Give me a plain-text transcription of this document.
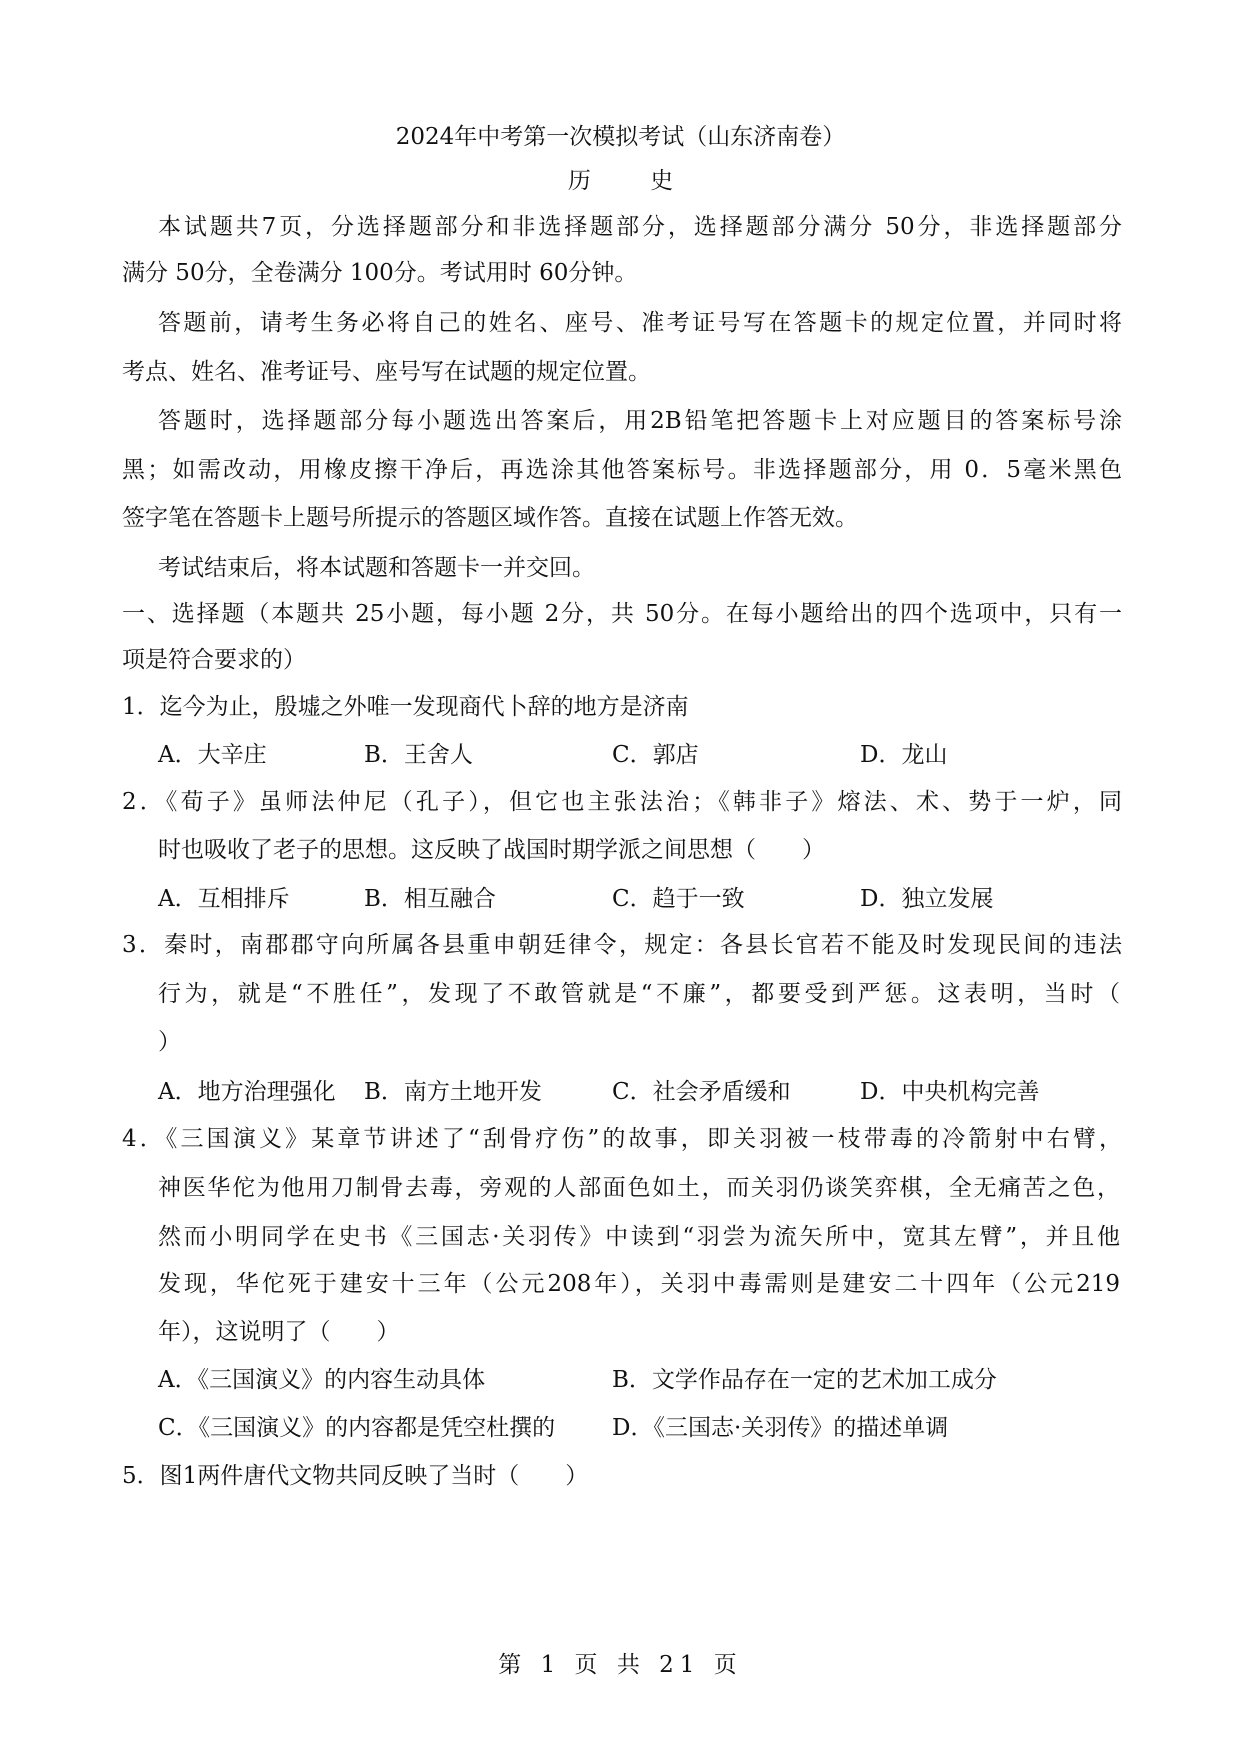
2024年中考第一次模拟考试（山东济南卷）
历 史
本试题共7页，分选择题部分和非选择题部分，选择题部分满分 50分，非选择题部分
满分 50分，全卷满分 100分。考试用时 60分钟。
答题前，请考生务必将自己的姓名、座号、准考证号写在答题卡的规定位置，并同时将
考点、姓名、准考证号、座号写在试题的规定位置。
答题时，选择题部分每小题选出答案后，用2B铅笔把答题卡上对应题目的答案标号涂
黑；如需改动，用橡皮擦干净后，再选涂其他答案标号。非选择题部分，用 0．5毫米黑色
签字笔在答题卡上题号所提示的答题区域作答。直接在试题上作答无效。
考试结束后，将本试题和答题卡一并交回。
一、选择题（本题共 25小题，每小题 2分，共 50分。在每小题给出的四个选项中，只有一
项是符合要求的）
1．迄今为止，殷墟之外唯一发现商代卜辞的地方是济南
A．大辛庄	B．王舍人	C．郭店	D．龙山
2．《荀子》虽师法仲尼（孔子），但它也主张法治；《韩非子》熔法、术、势于一炉，同
时也吸收了老子的思想。这反映了战国时期学派之间思想（　　）
A．互相排斥	B．相互融合	C．趋于一致	D．独立发展
3．秦时，南郡郡守向所属各县重申朝廷律令，规定：各县长官若不能及时发现民间的违法
行为，就是“不胜任”，发现了不敢管就是“不廉”，都要受到严惩。这表明，当时（
）
A．地方治理强化 B．南方土地开发	C．社会矛盾缓和	D．中央机构完善
4．《三国演义》某章节讲述了“刮骨疗伤”的故事，即关羽被一枝带毒的冷箭射中右臂，
神医华佗为他用刀制骨去毒，旁观的人部面色如土，而关羽仍谈笑弈棋，全无痛苦之色，
然而小明同学在史书《三国志·关羽传》中读到“羽尝为流矢所中，宽其左臂”，并且他
发现，华佗死于建安十三年（公元208年），关羽中毒需则是建安二十四年（公元219
年），这说明了（　　）
A．《三国演义》的内容生动具体	B．文学作品存在一定的艺术加工成分
C．《三国演义》的内容都是凭空杜撰的 D．《三国志·关羽传》的描述单调
5．图1两件唐代文物共同反映了当时（　　）
第 1 页 共 21 页
